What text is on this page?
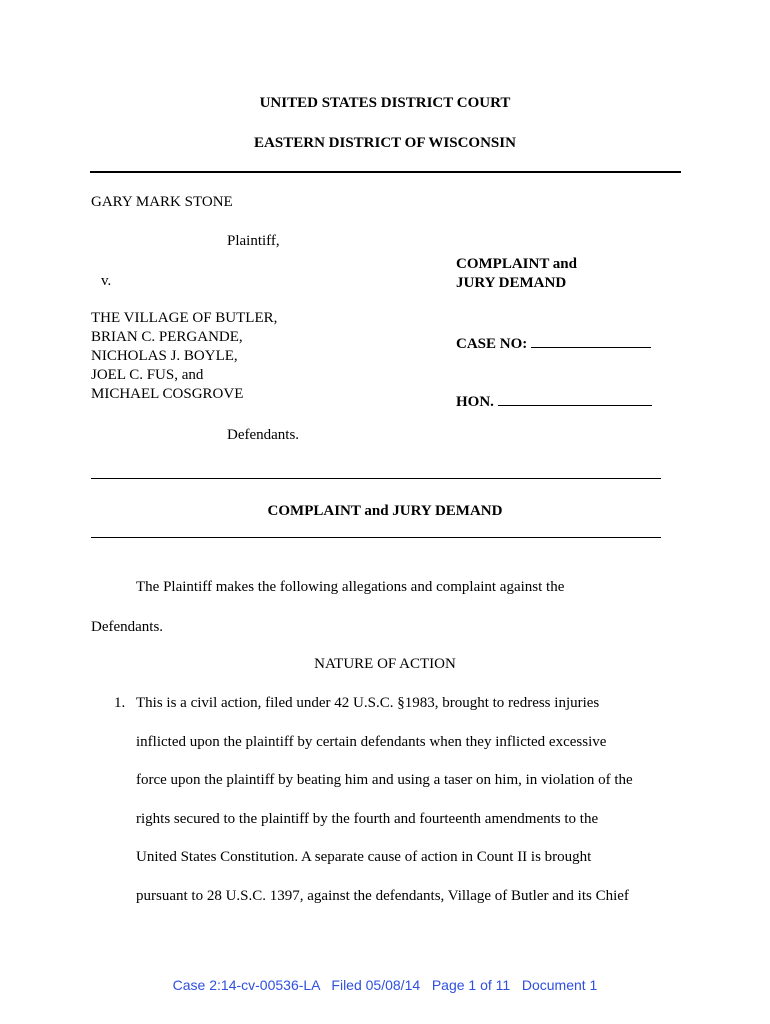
UNITED STATES DISTRICT COURT
EASTERN DISTRICT OF WISCONSIN
GARY MARK STONE
Plaintiff,
v.
THE VILLAGE OF BUTLER,
BRIAN C. PERGANDE,
NICHOLAS J. BOYLE,
JOEL C. FUS, and
MICHAEL COSGROVE
Defendants.
COMPLAINT and
JURY DEMAND
CASE NO:
HON.
COMPLAINT and JURY DEMAND
The Plaintiff makes the following allegations and complaint against the
Defendants.
NATURE OF ACTION
1. This is a civil action, filed under 42 U.S.C. §1983, brought to redress injuries
inflicted upon the plaintiff by certain defendants when they inflicted excessive
force upon the plaintiff by beating him and using a taser on him, in violation of the
rights secured to the plaintiff by the fourth and fourteenth amendments to the
United States Constitution. A separate cause of action in Count II is brought
pursuant to 28 U.S.C. 1397, against the defendants, Village of Butler and its Chief
Case 2:14-cv-00536-LA   Filed 05/08/14   Page 1 of 11   Document 1
